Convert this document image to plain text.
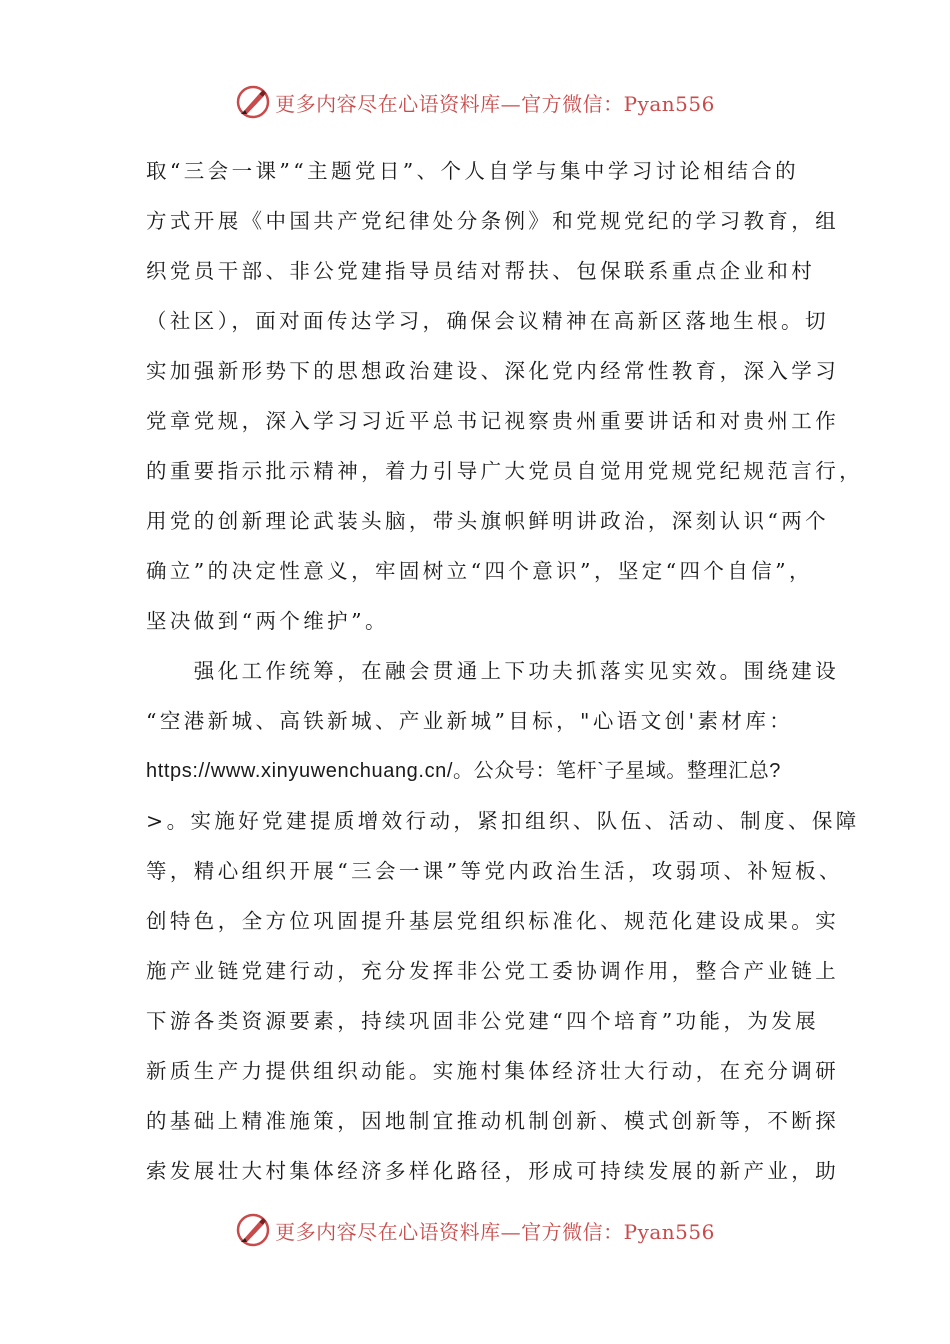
更多内容尽在心语资料库—官方微信：Pyan556
取“三会一课”“主题党日”、个人自学与集中学习讨论相结合的
方式开展《中国共产党纪律处分条例》和党规党纪的学习教育，组
织党员干部、非公党建指导员结对帮扶、包保联系重点企业和村
（社区），面对面传达学习，确保会议精神在高新区落地生根。切
实加强新形势下的思想政治建设、深化党内经常性教育，深入学习
党章党规，深入学习习近平总书记视察贵州重要讲话和对贵州工作
的重要指示批示精神，着力引导广大党员自觉用党规党纪规范言行，
用党的创新理论武装头脑，带头旗帜鲜明讲政治，深刻认识“两个
确立”的决定性意义，牢固树立“四个意识”，坚定“四个自信”，
坚决做到“两个维护”。
　　强化工作统筹，在融会贯通上下功夫抓落实见实效。围绕建设
“空港新城、高铁新城、产业新城”目标，"心语文创'素材库：
https://www.xinyuwenchuang.cn/。公众号：笔杆`子星域。整理汇总?
>。实施好党建提质增效行动，紧扣组织、队伍、活动、制度、保障
等，精心组织开展“三会一课”等党内政治生活，攻弱项、补短板、
创特色，全方位巩固提升基层党组织标准化、规范化建设成果。实
施产业链党建行动，充分发挥非公党工委协调作用，整合产业链上
下游各类资源要素，持续巩固非公党建“四个培育”功能，为发展
新质生产力提供组织动能。实施村集体经济壮大行动，在充分调研
的基础上精准施策，因地制宜推动机制创新、模式创新等，不断探
索发展壮大村集体经济多样化路径，形成可持续发展的新产业，助
更多内容尽在心语资料库—官方微信：Pyan556
